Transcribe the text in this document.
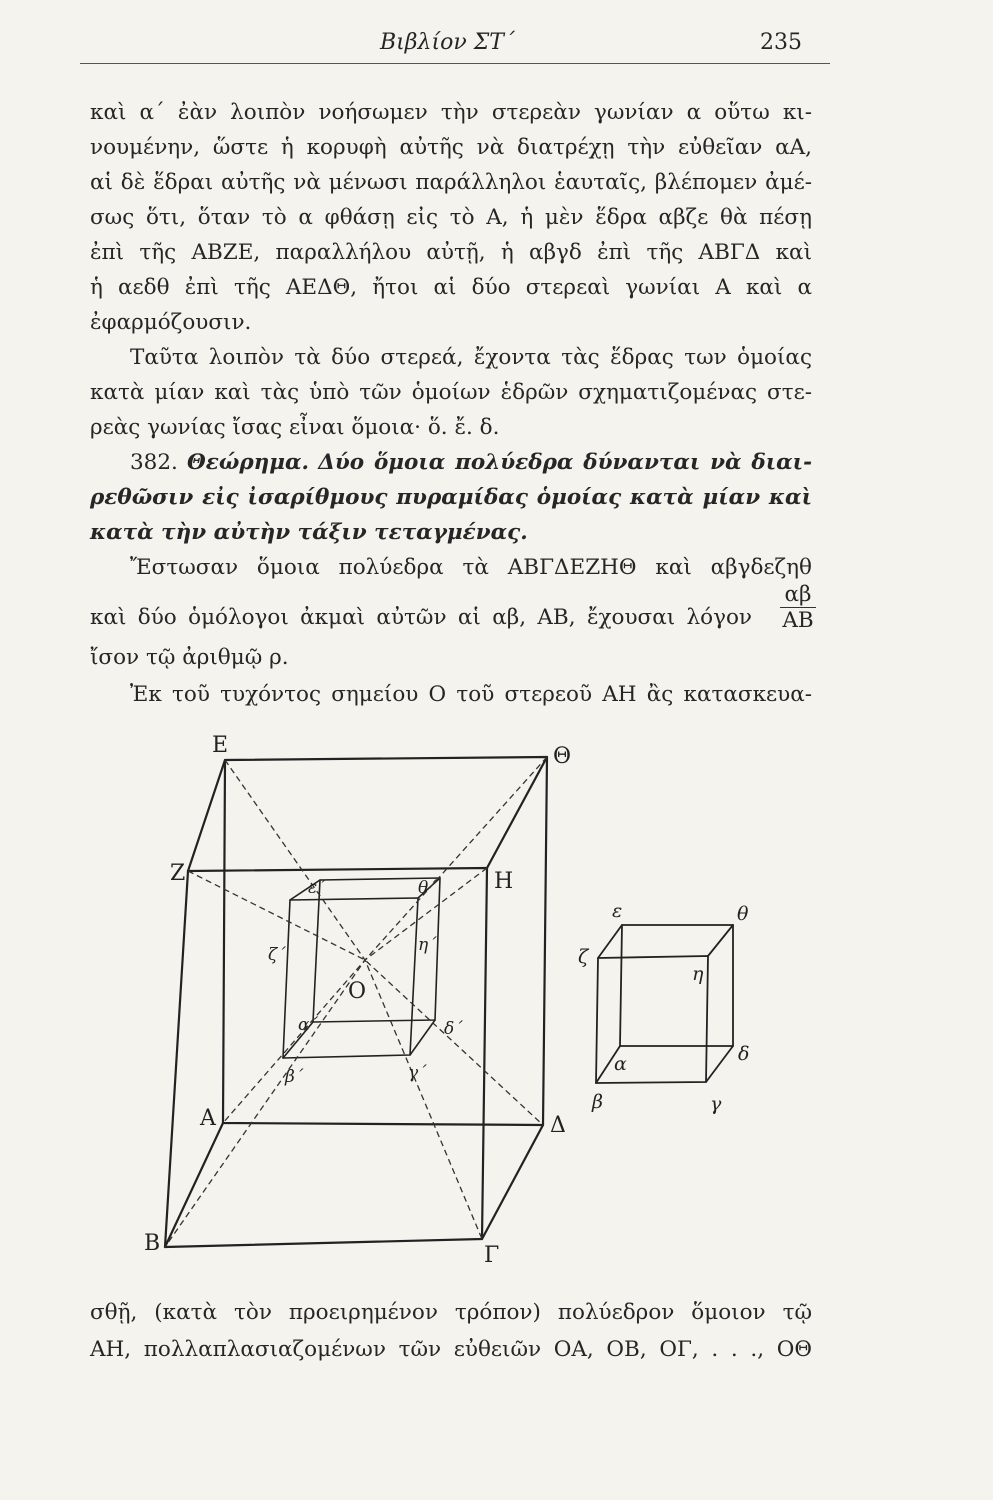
Βιβλίον ΣΤ΄	235
καὶ α΄ ἐὰν λοιπὸν νοήσωμεν τὴν στερεὰν γωνίαν α οὕτω κι-
νουμένην, ὥστε ἡ κορυφὴ αὐτῆς νὰ διατρέχῃ τὴν εὐθεῖαν αΑ,
αἱ δὲ ἕδραι αὐτῆς νὰ μένωσι παράλληλοι ἑαυταῖς, βλέπομεν ἀμέ-
σως ὅτι, ὅταν τὸ α φθάσῃ εἰς τὸ Α, ἡ μὲν ἕδρα αβζε θὰ πέσῃ
ἐπὶ τῆς ΑΒΖΕ, παραλλήλου αὐτῇ, ἡ αβγδ ἐπὶ τῆς ΑΒΓΔ καὶ
ἡ αεδθ ἐπὶ τῆς ΑΕΔΘ, ἤτοι αἱ δύο στερεαὶ γωνίαι Α καὶ α
ἐφαρμόζουσιν.
Ταῦτα λοιπὸν τὰ δύο στερεά, ἔχοντα τὰς ἕδρας των ὁμοίας
κατὰ μίαν καὶ τὰς ὑπὸ τῶν ὁμοίων ἑδρῶν σχηματιζομένας στε-
ρεὰς γωνίας ἴσας εἶναι ὅμοια· ὅ. ἔ. δ.
382. Θεώρημα. Δύο ὅμοια πολύεδρα δύνανται νὰ διαι-
ρεθῶσιν εἰς ἰσαρίθμους πυραμίδας ὁμοίας κατὰ μίαν καὶ
κατὰ τὴν αὐτὴν τάξιν τεταγμένας.
Ἔστωσαν ὅμοια πολύεδρα τὰ ΑΒΓΔΕΖΗΘ καὶ αβγδεζηθ
καὶ δύο ὁμόλογοι ἀκμαὶ αὐτῶν αἱ αβ, ΑΒ, ἔχουσαι λόγον $\frac{\alpha\beta}{AB}$
ἴσον τῷ ἀριθμῷ ρ.
Ἐκ τοῦ τυχόντος σημείου Ο τοῦ στερεοῦ ΑΗ ἂς κατασκευα-
σθῇ, (κατὰ τὸν προειρημένον τρόπον) πολύεδρον ὅμοιον τῷ
ΑΗ, πολλαπλασιαζομένων τῶν εὐθειῶν ΟΑ, ΟΒ, ΟΓ, . . ., ΟΘ
Ε	Θ
Ζ	Η
Α
Β	Γ
Δ
Ο
ε΄	θ΄
ζ΄	η΄
α΄
β΄	γ΄
δ΄
ε	θ
ζ
η
α
β	γ
δ
